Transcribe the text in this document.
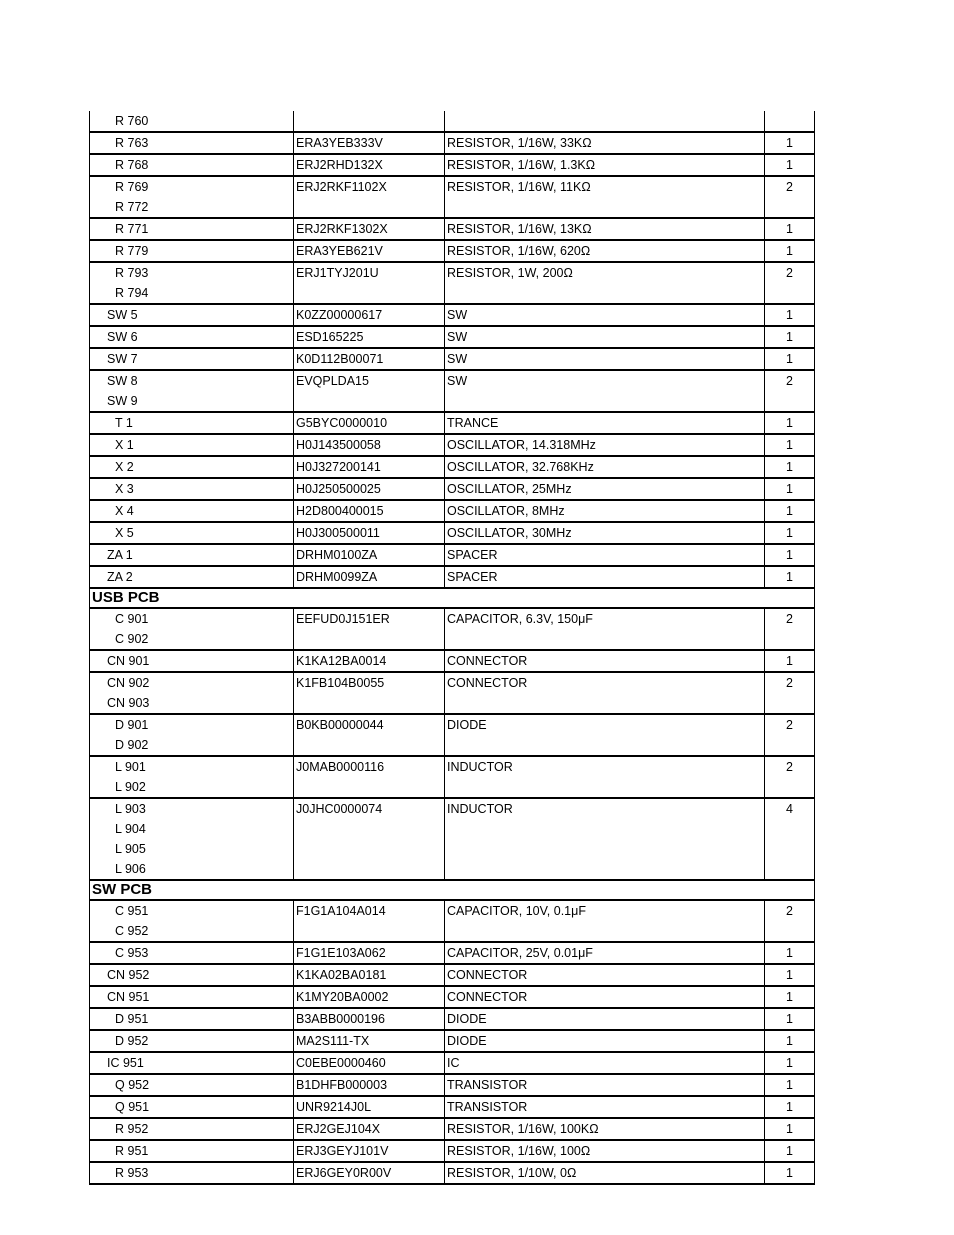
R 760			

R 763	ERA3YEB333V	RESISTOR, 1/16W, 33KΩ	1

R 768	ERJ2RHD132X	RESISTOR, 1/16W, 1.3KΩ	1

R 769
R 772	ERJ2RKF1102X	RESISTOR, 1/16W, 11KΩ	2

R 771	ERJ2RKF1302X	RESISTOR, 1/16W, 13KΩ	1

R 779	ERA3YEB621V	RESISTOR, 1/16W, 620Ω	1

R 793
R 794	ERJ1TYJ201U	RESISTOR, 1W, 200Ω	2

SW 5	K0ZZ00000617	SW	1

SW 6	ESD165225	SW	1

SW 7	K0D112B00071	SW	1

SW 8
SW 9	EVQPLDA15	SW	2

T 1	G5BYC0000010	TRANCE	1

X 1	H0J143500058	OSCILLATOR, 14.318MHz	1

X 2	H0J327200141	OSCILLATOR, 32.768KHz	1

X 3	H0J250500025	OSCILLATOR, 25MHz	1

X 4	H2D800400015	OSCILLATOR, 8MHz	1

X 5	H0J300500011	OSCILLATOR, 30MHz	1

ZA 1	DRHM0100ZA	SPACER	1

ZA 2	DRHM0099ZA	SPACER	1

USB PCB			

C 901
C 902	EEFUD0J151ER	CAPACITOR, 6.3V, 150μF	2

CN 901	K1KA12BA0014	CONNECTOR	1

CN 902
CN 903	K1FB104B0055	CONNECTOR	2

D 901
D 902	B0KB00000044	DIODE	2

L 901
L 902	J0MAB0000116	INDUCTOR	2

L 903
L 904
L 905
L 906	J0JHC0000074	INDUCTOR	4

SW PCB			

C 951
C 952	F1G1A104A014	CAPACITOR, 10V, 0.1μF	2

C 953	F1G1E103A062	CAPACITOR, 25V, 0.01μF	1

CN 952	K1KA02BA0181	CONNECTOR	1

CN 951	K1MY20BA0002	CONNECTOR	1

D 951	B3ABB0000196	DIODE	1

D 952	MA2S111-TX	DIODE	1

IC 951	C0EBE0000460	IC	1

Q 952	B1DHFB000003	TRANSISTOR	1

Q 951	UNR9214J0L	TRANSISTOR	1

R 952	ERJ2GEJ104X	RESISTOR, 1/16W, 100KΩ	1

R 951	ERJ3GEYJ101V	RESISTOR, 1/16W, 100Ω	1

R 953	ERJ6GEY0R00V	RESISTOR, 1/10W, 0Ω	1
